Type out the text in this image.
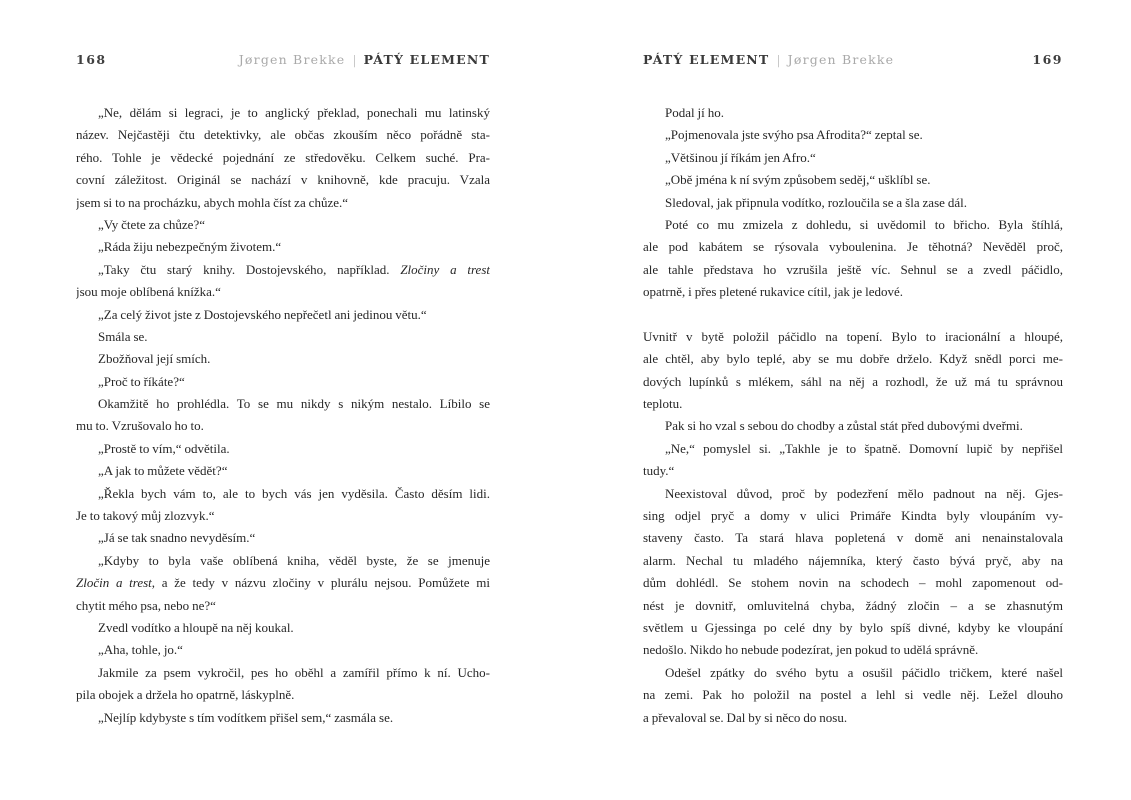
168	Jørgen Brekke | PÁTÝ ELEMENT
„Ne, dělám si legraci, je to anglický překlad, ponechali mu latinský
název. Nejčastěji čtu detektivky, ale občas zkouším něco pořádně sta-
rého. Tohle je vědecké pojednání ze středověku. Celkem suché. Pra-
covní záležitost. Originál se nachází v knihovně, kde pracuju. Vzala
jsem si to na procházku, abych mohla číst za chůze.“
„Vy čtete za chůze?“
„Ráda žiju nebezpečným životem.“
„Taky čtu starý knihy. Dostojevského, například. Zločiny a trest
jsou moje oblíbená knížka.“
„Za celý život jste z Dostojevského nepřečetl ani jedinou větu.“
Smála se.
Zbožňoval její smích.
„Proč to říkáte?“
Okamžitě ho prohlédla. To se mu nikdy s nikým nestalo. Líbilo se
mu to. Vzrušovalo ho to.
„Prostě to vím,“ odvětila.
„A jak to můžete vědět?“
„Řekla bych vám to, ale to bych vás jen vyděsila. Často děsím lidi.
Je to takový můj zlozvyk.“
„Já se tak snadno nevyděsím.“
„Kdyby to byla vaše oblíbená kniha, věděl byste, že se jmenuje
Zločin a trest, a že tedy v názvu zločiny v plurálu nejsou. Pomůžete mi
chytit mého psa, nebo ne?“
Zvedl vodítko a hloupě na něj koukal.
„Aha, tohle, jo.“
Jakmile za psem vykročil, pes ho oběhl a zamířil přímo k ní. Ucho-
pila obojek a držela ho opatrně, láskyplně.
„Nejlíp kdybyste s tím vodítkem přišel sem,“ zasmála se.
PÁTÝ ELEMENT | Jørgen Brekke	169
Podal jí ho.
„Pojmenovala jste svýho psa Afrodita?“ zeptal se.
„Většinou jí říkám jen Afro.“
„Obě jména k ní svým způsobem seděj,“ ušklíbl se.
Sledoval, jak připnula vodítko, rozloučila se a šla zase dál.
Poté co mu zmizela z dohledu, si uvědomil to břicho. Byla štíhlá,
ale pod kabátem se rýsovala vyboulenina. Je těhotná? Nevěděl proč,
ale tahle představa ho vzrušila ještě víc. Sehnul se a zvedl páčidlo,
opatrně, i přes pletené rukavice cítil, jak je ledové.
Uvnitř v bytě položil páčidlo na topení. Bylo to iracionální a hloupé,
ale chtěl, aby bylo teplé, aby se mu dobře drželo. Když snědl porci me-
dových lupínků s mlékem, sáhl na něj a rozhodl, že už má tu správnou
teplotu.
Pak si ho vzal s sebou do chodby a zůstal stát před dubovými dveřmi.
„Ne,“ pomyslel si. „Takhle je to špatně. Domovní lupič by nepřišel
tudy.“
Neexistoval důvod, proč by podezření mělo padnout na něj. Gjes-
sing odjel pryč a domy v ulici Primáře Kindta byly vloupáním vy-
staveny často. Ta stará hlava popletená v domě ani nenainstalovala
alarm. Nechal tu mladého nájemníka, který často bývá pryč, aby na
dům dohlédl. Se stohem novin na schodech – mohl zapomenout od-
nést je dovnitř, omluvitelná chyba, žádný zločin – a se zhasnutým
světlem u Gjessinga po celé dny by bylo spíš divné, kdyby ke vloupání
nedošlo. Nikdo ho nebude podezírat, jen pokud to udělá správně.
Odešel zpátky do svého bytu a osušil páčidlo tričkem, které našel
na zemi. Pak ho položil na postel a lehl si vedle něj. Ležel dlouho
a převaloval se. Dal by si něco do nosu.
